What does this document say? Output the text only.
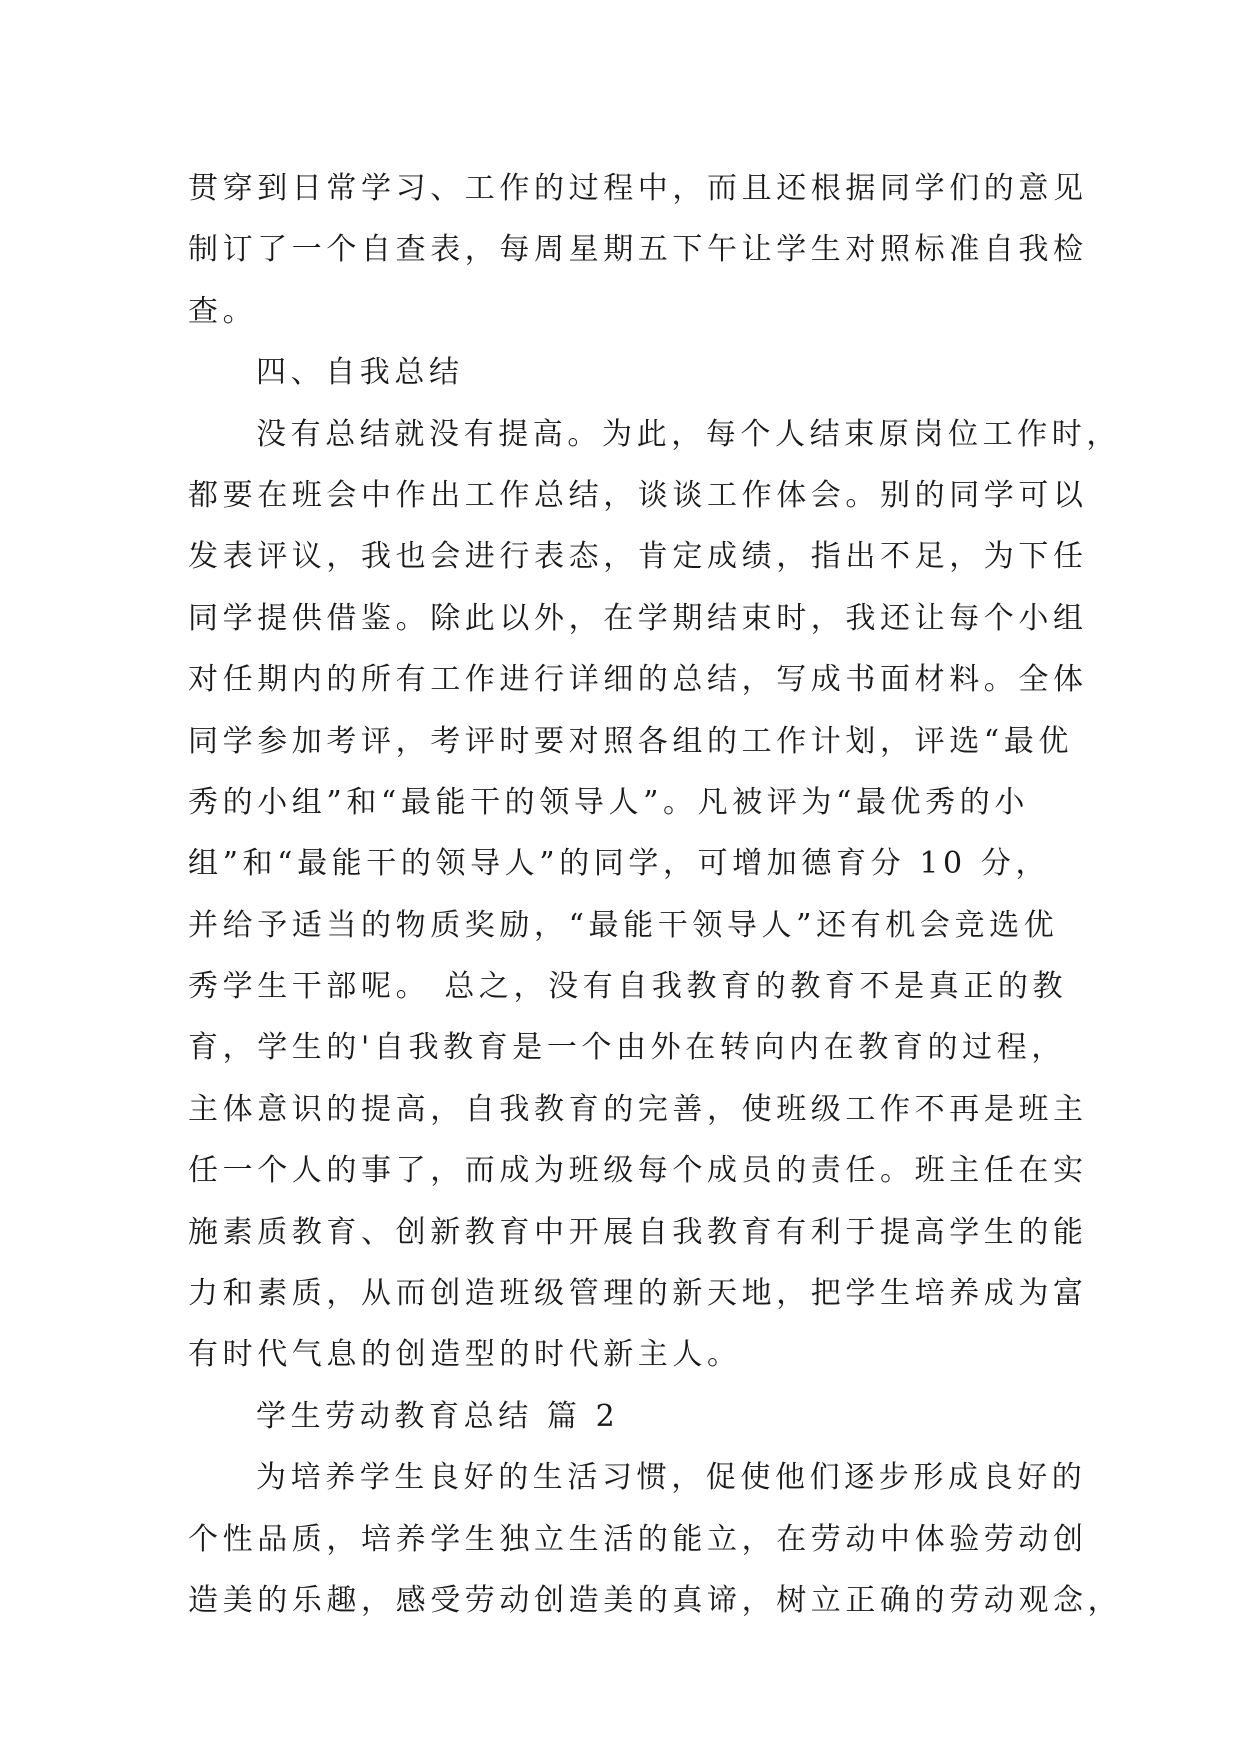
贯穿到日常学习、工作的过程中，而且还根据同学们的意见
制订了一个自查表，每周星期五下午让学生对照标准自我检
查。
四、自我总结
没有总结就没有提高。为此，每个人结束原岗位工作时，
都要在班会中作出工作总结，谈谈工作体会。别的同学可以
发表评议，我也会进行表态，肯定成绩，指出不足，为下任
同学提供借鉴。除此以外，在学期结束时，我还让每个小组
对任期内的所有工作进行详细的总结，写成书面材料。全体
同学参加考评，考评时要对照各组的工作计划，评选“最优
秀的小组”和“最能干的领导人”。凡被评为“最优秀的小
组”和“最能干的领导人”的同学，可增加德育分 10 分，
并给予适当的物质奖励，“最能干领导人”还有机会竞选优
秀学生干部呢。 总之，没有自我教育的教育不是真正的教
育，学生的'自我教育是一个由外在转向内在教育的过程，
主体意识的提高，自我教育的完善，使班级工作不再是班主
任一个人的事了，而成为班级每个成员的责任。班主任在实
施素质教育、创新教育中开展自我教育有利于提高学生的能
力和素质，从而创造班级管理的新天地，把学生培养成为富
有时代气息的创造型的时代新主人。
学生劳动教育总结 篇 2
为培养学生良好的生活习惯，促使他们逐步形成良好的
个性品质，培养学生独立生活的能立，在劳动中体验劳动创
造美的乐趣，感受劳动创造美的真谛，树立正确的劳动观念，
